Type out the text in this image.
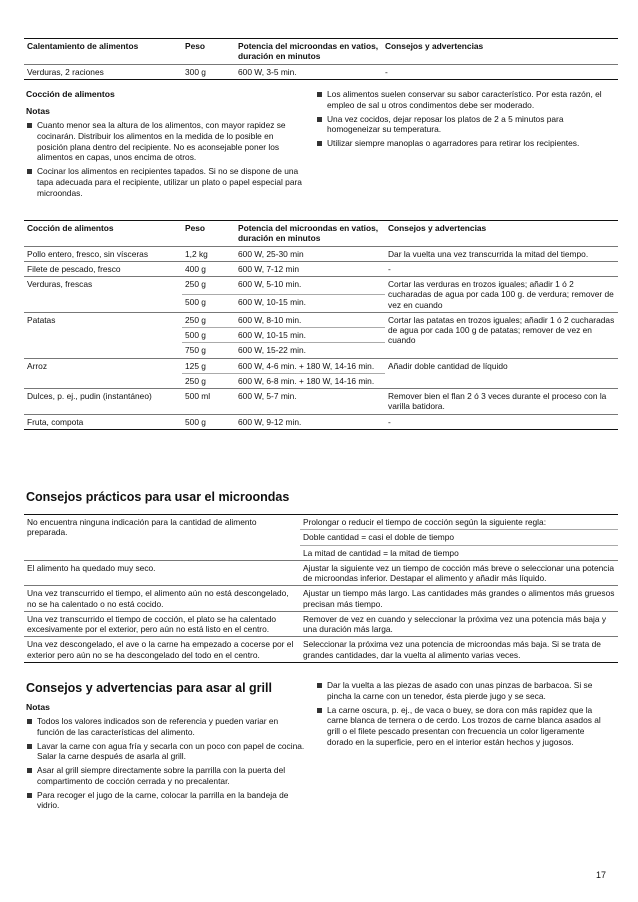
Calentamiento de alimentos	Peso	Potencia del microondas en vatios, duración en minutos	Consejos y advertencias
Verduras, 2 raciones	300 g	600 W, 3-5 min.	-

Cocción de alimentos

Notas

Cuanto menor sea la altura de los alimentos, con mayor rapidez se cocinarán. Distribuir los alimentos en la medida de lo posible en posición plana dentro del recipiente. No es aconsejable poner los alimentos en capas, unos encima de otros.
Cocinar los alimentos en recipientes tapados. Si no se dispone de una tapa adecuada para el recipiente, utilizar un plato o papel especial para microondas.
Los alimentos suelen conservar su sabor característico. Por esta razón, el empleo de sal u otros condimentos debe ser moderado.
Una vez cocidos, dejar reposar los platos de 2 a 5 minutos para homogeneizar su temperatura.
Utilizar siempre manoplas o agarradores para retirar los recipientes.
Cocción de alimentos	Peso	Potencia del microondas en vatios, duración en minutos	Consejos y advertencias
Pollo entero, fresco, sin vísceras	1,2 kg	600 W, 25-30 min	Dar la vuelta una vez transcurrida la mitad del tiempo.
Filete de pescado, fresco	400 g	600 W, 7-12 min	-
Verduras, frescas	250 g	600 W, 5-10 min.	Cortar las verduras en trozos iguales; añadir 1 ó 2 cucharadas de agua por cada 100 g. de verdura; remover de vez en cuando
	500 g	600 W, 10-15 min.	
Patatas	250 g	600 W, 8-10 min.	Cortar las patatas en trozos iguales; añadir 1 ó 2 cucharadas de agua por cada 100 g de patatas; remover de vez en cuando
	500 g	600 W, 10-15 min.	
	750 g	600 W, 15-22 min.	
Arroz	125 g	600 W, 4-6 min. + 180 W, 14-16 min.	Añadir doble cantidad de líquido
	250 g	600 W, 6-8 min. + 180 W, 14-16 min.	
Dulces, p. ej., pudin (instantáneo)	500 ml	600 W, 5-7 min.	Remover bien el flan 2 ó 3 veces durante el proceso con la varilla batidora.
Fruta, compota	500 g	600 W, 9-12 min.	-
Consejos prácticos para usar el microondas
No encuentra ninguna indicación para la cantidad de alimento preparada.	Prolongar o reducir el tiempo de cocción según la siguiente regla:
Doble cantidad = casi el doble de tiempo
La mitad de cantidad = la mitad de tiempo

El alimento ha quedado muy seco.	Ajustar la siguiente vez un tiempo de cocción más breve o seleccionar una potencia de microondas inferior. Destapar el alimento y añadir más líquido.
Una vez transcurrido el tiempo, el alimento aún no está descongelado, no se ha calentado o no está cocido.	Ajustar un tiempo más largo. Las cantidades más grandes o alimentos más gruesos precisan más tiempo.
Una vez transcurrido el tiempo de cocción, el plato se ha calentado excesivamente por el exterior, pero aún no está listo en el centro.	Remover de vez en cuando y seleccionar la próxima vez una potencia más baja y una duración más larga.
Una vez descongelado, el ave o la carne ha empezado a cocerse por el exterior pero aún no se ha descongelado del todo en el centro.	Seleccionar la próxima vez una potencia de microondas más baja. Si se trata de grandes cantidades, dar la vuelta al alimento varias veces.
Consejos y advertencias para asar al grill

Notas

Todos los valores indicados son de referencia y pueden variar en función de las características del alimento.
Lavar la carne con agua fría y secarla con un poco con papel de cocina. Salar la carne después de asarla al grill.
Asar al grill siempre directamente sobre la parrilla con la puerta del compartimento de cocción cerrada y no precalentar.
Para recoger el jugo de la carne, colocar la parrilla en la bandeja de vidrio.
Dar la vuelta a las piezas de asado con unas pinzas de barbacoa. Si se pincha la carne con un tenedor, ésta pierde jugo y se seca.
La carne oscura, p. ej., de vaca o buey, se dora con más rapidez que la carne blanca de ternera o de cerdo. Los trozos de carne blanca asados al grill o el filete pescado presentan con frecuencia un color ligeramente dorado en la superficie, pero en el interior están hechos y jugosos.
17
